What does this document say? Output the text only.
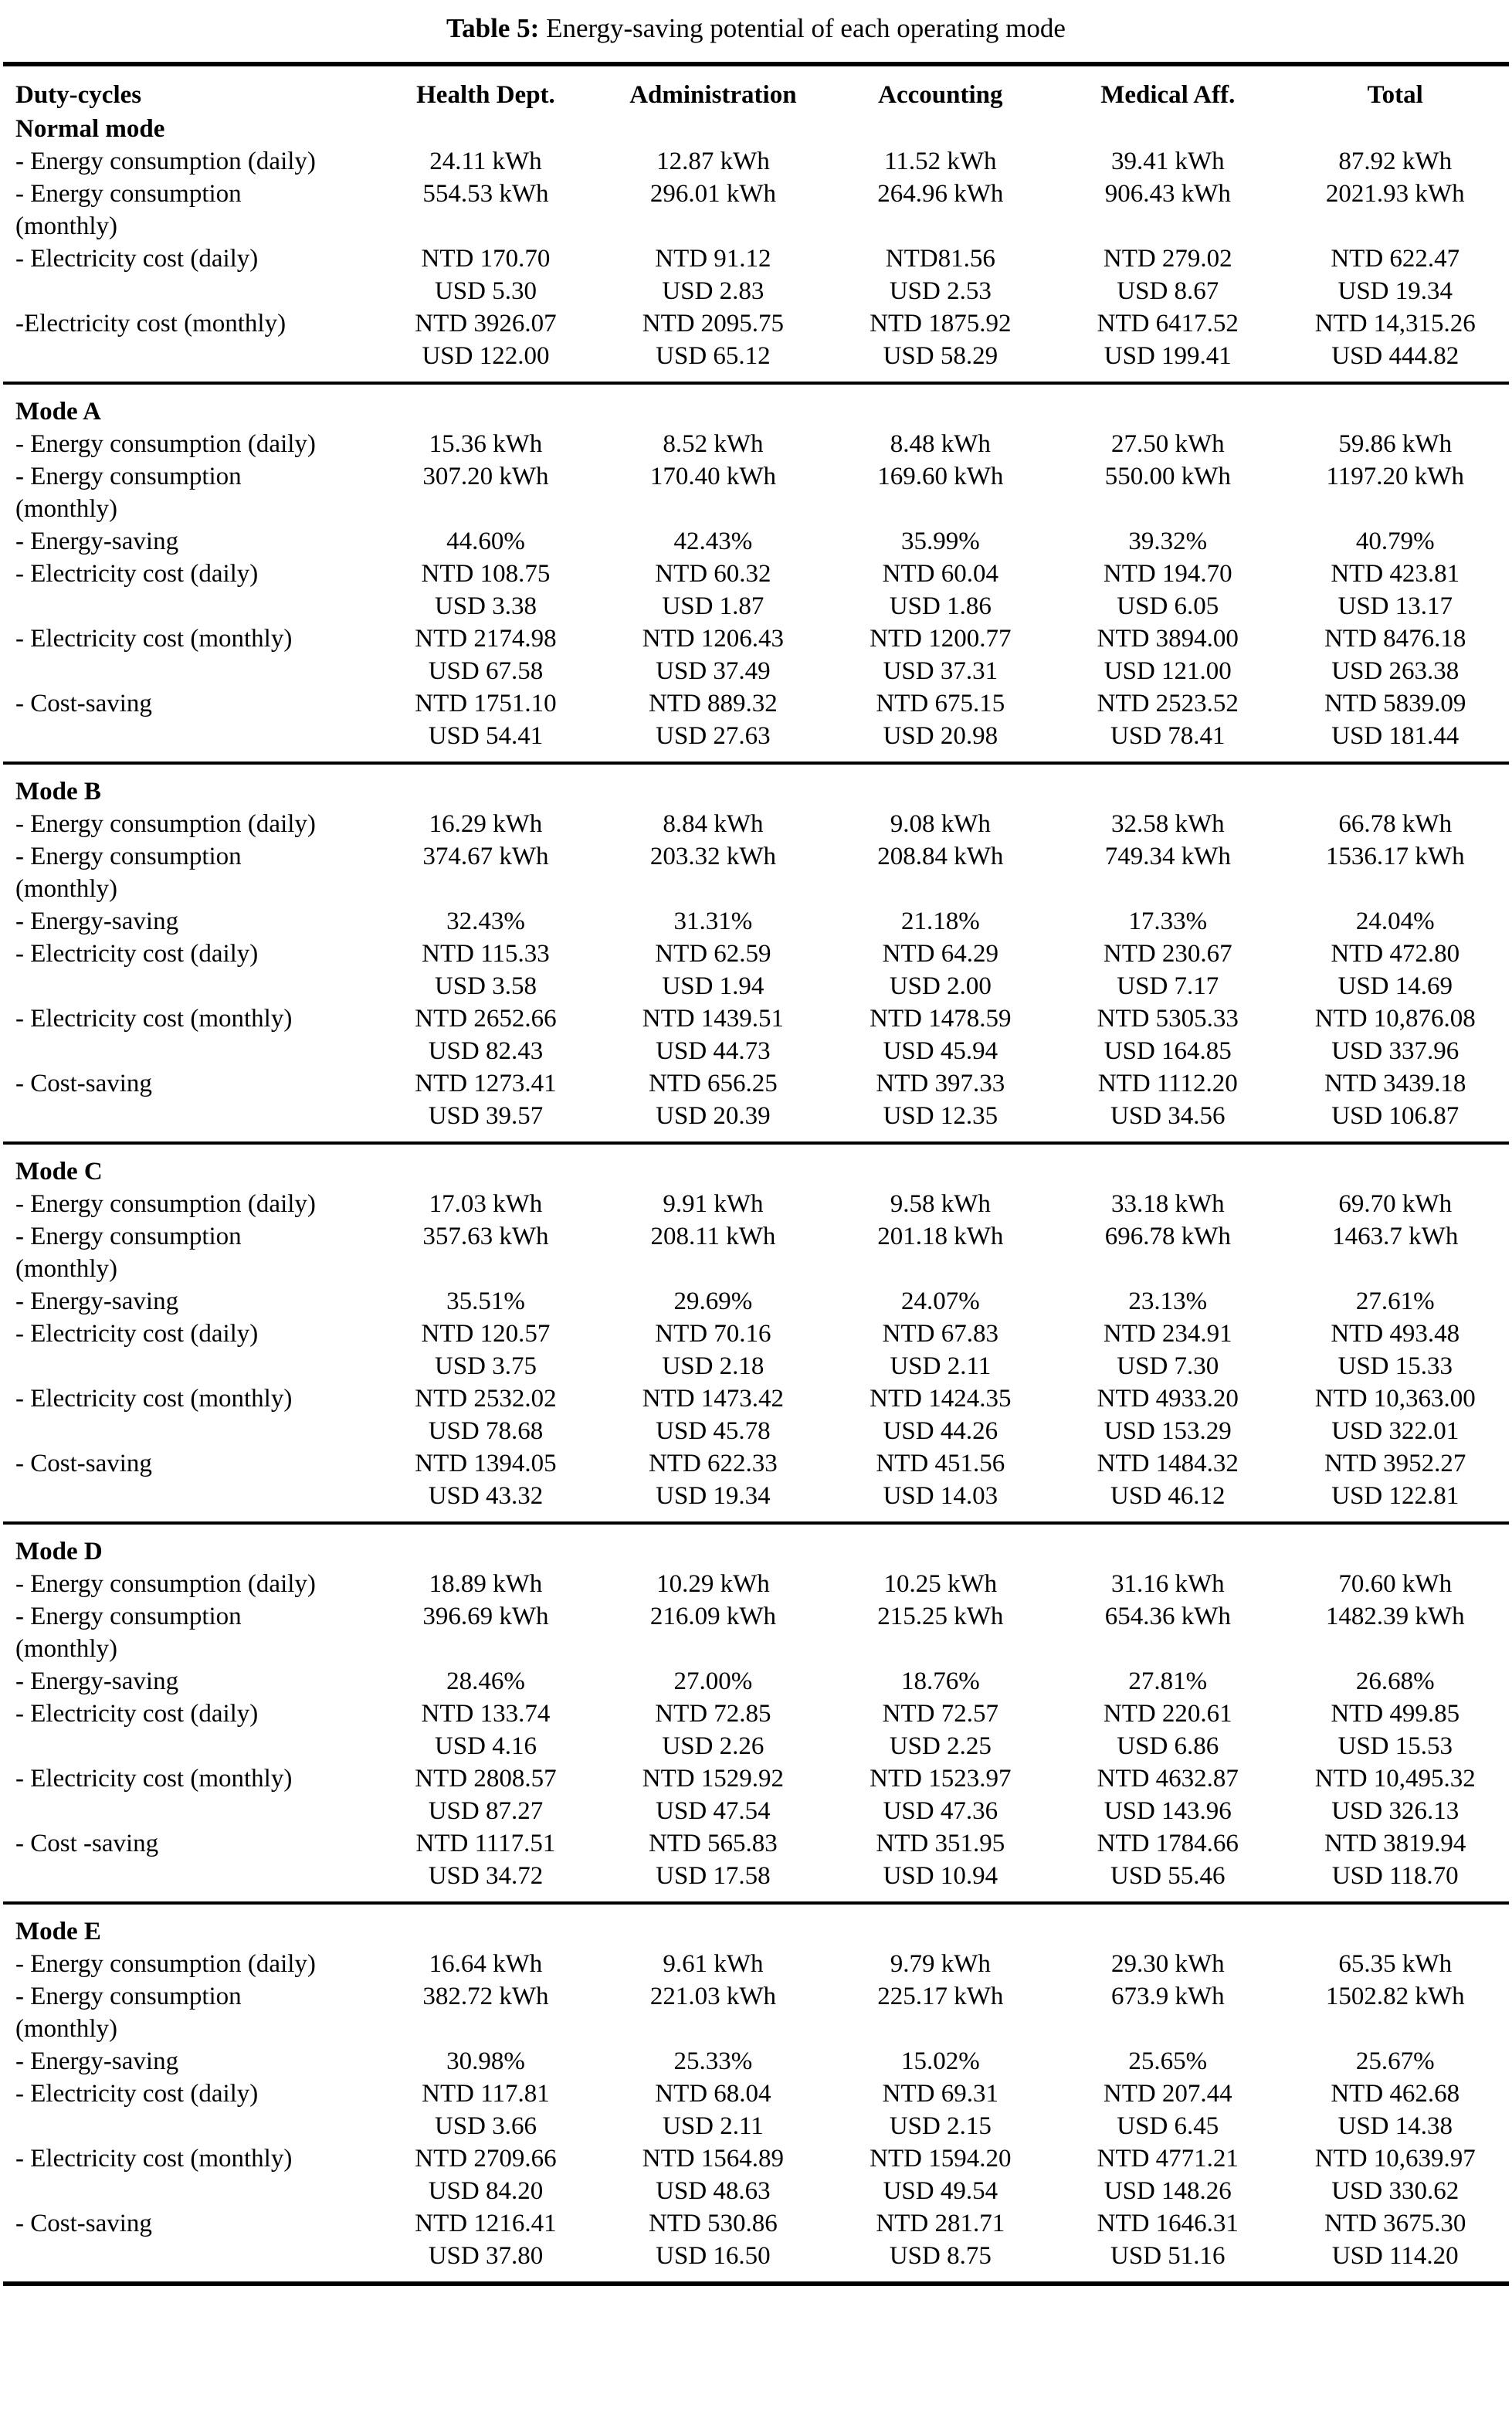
Table 5: Energy-saving potential of each operating mode
Duty-cycles	Health Dept.	Administration	Accounting	Medical Aff.	Total
Normal mode					
- Energy consumption (daily)	24.11 kWh	12.87 kWh	11.52 kWh	39.41 kWh	87.92 kWh
- Energy consumption	554.53 kWh	296.01 kWh	264.96 kWh	906.43 kWh	2021.93 kWh
(monthly)					
- Electricity cost (daily)	NTD 170.70	NTD 91.12	NTD81.56	NTD 279.02	NTD 622.47
	USD 5.30	USD 2.83	USD 2.53	USD 8.67	USD 19.34
-Electricity cost (monthly)	NTD 3926.07	NTD 2095.75	NTD 1875.92	NTD 6417.52	NTD 14,315.26
	USD 122.00	USD 65.12	USD 58.29	USD 199.41	USD 444.82
Mode A					
- Energy consumption (daily)	15.36 kWh	8.52 kWh	8.48 kWh	27.50 kWh	59.86 kWh
- Energy consumption	307.20 kWh	170.40 kWh	169.60 kWh	550.00 kWh	1197.20 kWh
(monthly)					
- Energy-saving	44.60%	42.43%	35.99%	39.32%	40.79%
- Electricity cost (daily)	NTD 108.75	NTD 60.32	NTD 60.04	NTD 194.70	NTD 423.81
	USD 3.38	USD 1.87	USD 1.86	USD 6.05	USD 13.17
- Electricity cost (monthly)	NTD 2174.98	NTD 1206.43	NTD 1200.77	NTD 3894.00	NTD 8476.18
	USD 67.58	USD 37.49	USD 37.31	USD 121.00	USD 263.38
- Cost-saving	NTD 1751.10	NTD 889.32	NTD 675.15	NTD 2523.52	NTD 5839.09
	USD 54.41	USD 27.63	USD 20.98	USD 78.41	USD 181.44
Mode B					
- Energy consumption (daily)	16.29 kWh	8.84 kWh	9.08 kWh	32.58 kWh	66.78 kWh
- Energy consumption	374.67 kWh	203.32 kWh	208.84 kWh	749.34 kWh	1536.17 kWh
(monthly)					
- Energy-saving	32.43%	31.31%	21.18%	17.33%	24.04%
- Electricity cost (daily)	NTD 115.33	NTD 62.59	NTD 64.29	NTD 230.67	NTD 472.80
	USD 3.58	USD 1.94	USD 2.00	USD 7.17	USD 14.69
- Electricity cost (monthly)	NTD 2652.66	NTD 1439.51	NTD 1478.59	NTD 5305.33	NTD 10,876.08
	USD 82.43	USD 44.73	USD 45.94	USD 164.85	USD 337.96
- Cost-saving	NTD 1273.41	NTD 656.25	NTD 397.33	NTD 1112.20	NTD 3439.18
	USD 39.57	USD 20.39	USD 12.35	USD 34.56	USD 106.87
Mode C					
- Energy consumption (daily)	17.03 kWh	9.91 kWh	9.58 kWh	33.18 kWh	69.70 kWh
- Energy consumption	357.63 kWh	208.11 kWh	201.18 kWh	696.78 kWh	1463.7 kWh
(monthly)					
- Energy-saving	35.51%	29.69%	24.07%	23.13%	27.61%
- Electricity cost (daily)	NTD 120.57	NTD 70.16	NTD 67.83	NTD 234.91	NTD 493.48
	USD 3.75	USD 2.18	USD 2.11	USD 7.30	USD 15.33
- Electricity cost (monthly)	NTD 2532.02	NTD 1473.42	NTD 1424.35	NTD 4933.20	NTD 10,363.00
	USD 78.68	USD 45.78	USD 44.26	USD 153.29	USD 322.01
- Cost-saving	NTD 1394.05	NTD 622.33	NTD 451.56	NTD 1484.32	NTD 3952.27
	USD 43.32	USD 19.34	USD 14.03	USD 46.12	USD 122.81
Mode D					
- Energy consumption (daily)	18.89 kWh	10.29 kWh	10.25 kWh	31.16 kWh	70.60 kWh
- Energy consumption	396.69 kWh	216.09 kWh	215.25 kWh	654.36 kWh	1482.39 kWh
(monthly)					
- Energy-saving	28.46%	27.00%	18.76%	27.81%	26.68%
- Electricity cost (daily)	NTD 133.74	NTD 72.85	NTD 72.57	NTD 220.61	NTD 499.85
	USD 4.16	USD 2.26	USD 2.25	USD 6.86	USD 15.53
- Electricity cost (monthly)	NTD 2808.57	NTD 1529.92	NTD 1523.97	NTD 4632.87	NTD 10,495.32
	USD 87.27	USD 47.54	USD 47.36	USD 143.96	USD 326.13
- Cost -saving	NTD 1117.51	NTD 565.83	NTD 351.95	NTD 1784.66	NTD 3819.94
	USD 34.72	USD 17.58	USD 10.94	USD 55.46	USD 118.70
Mode E					
- Energy consumption (daily)	16.64 kWh	9.61 kWh	9.79 kWh	29.30 kWh	65.35 kWh
- Energy consumption	382.72 kWh	221.03 kWh	225.17 kWh	673.9 kWh	1502.82 kWh
(monthly)					
- Energy-saving	30.98%	25.33%	15.02%	25.65%	25.67%
- Electricity cost (daily)	NTD 117.81	NTD 68.04	NTD 69.31	NTD 207.44	NTD 462.68
	USD 3.66	USD 2.11	USD 2.15	USD 6.45	USD 14.38
- Electricity cost (monthly)	NTD 2709.66	NTD 1564.89	NTD 1594.20	NTD 4771.21	NTD 10,639.97
	USD 84.20	USD 48.63	USD 49.54	USD 148.26	USD 330.62
- Cost-saving	NTD 1216.41	NTD 530.86	NTD 281.71	NTD 1646.31	NTD 3675.30
	USD 37.80	USD 16.50	USD 8.75	USD 51.16	USD 114.20
